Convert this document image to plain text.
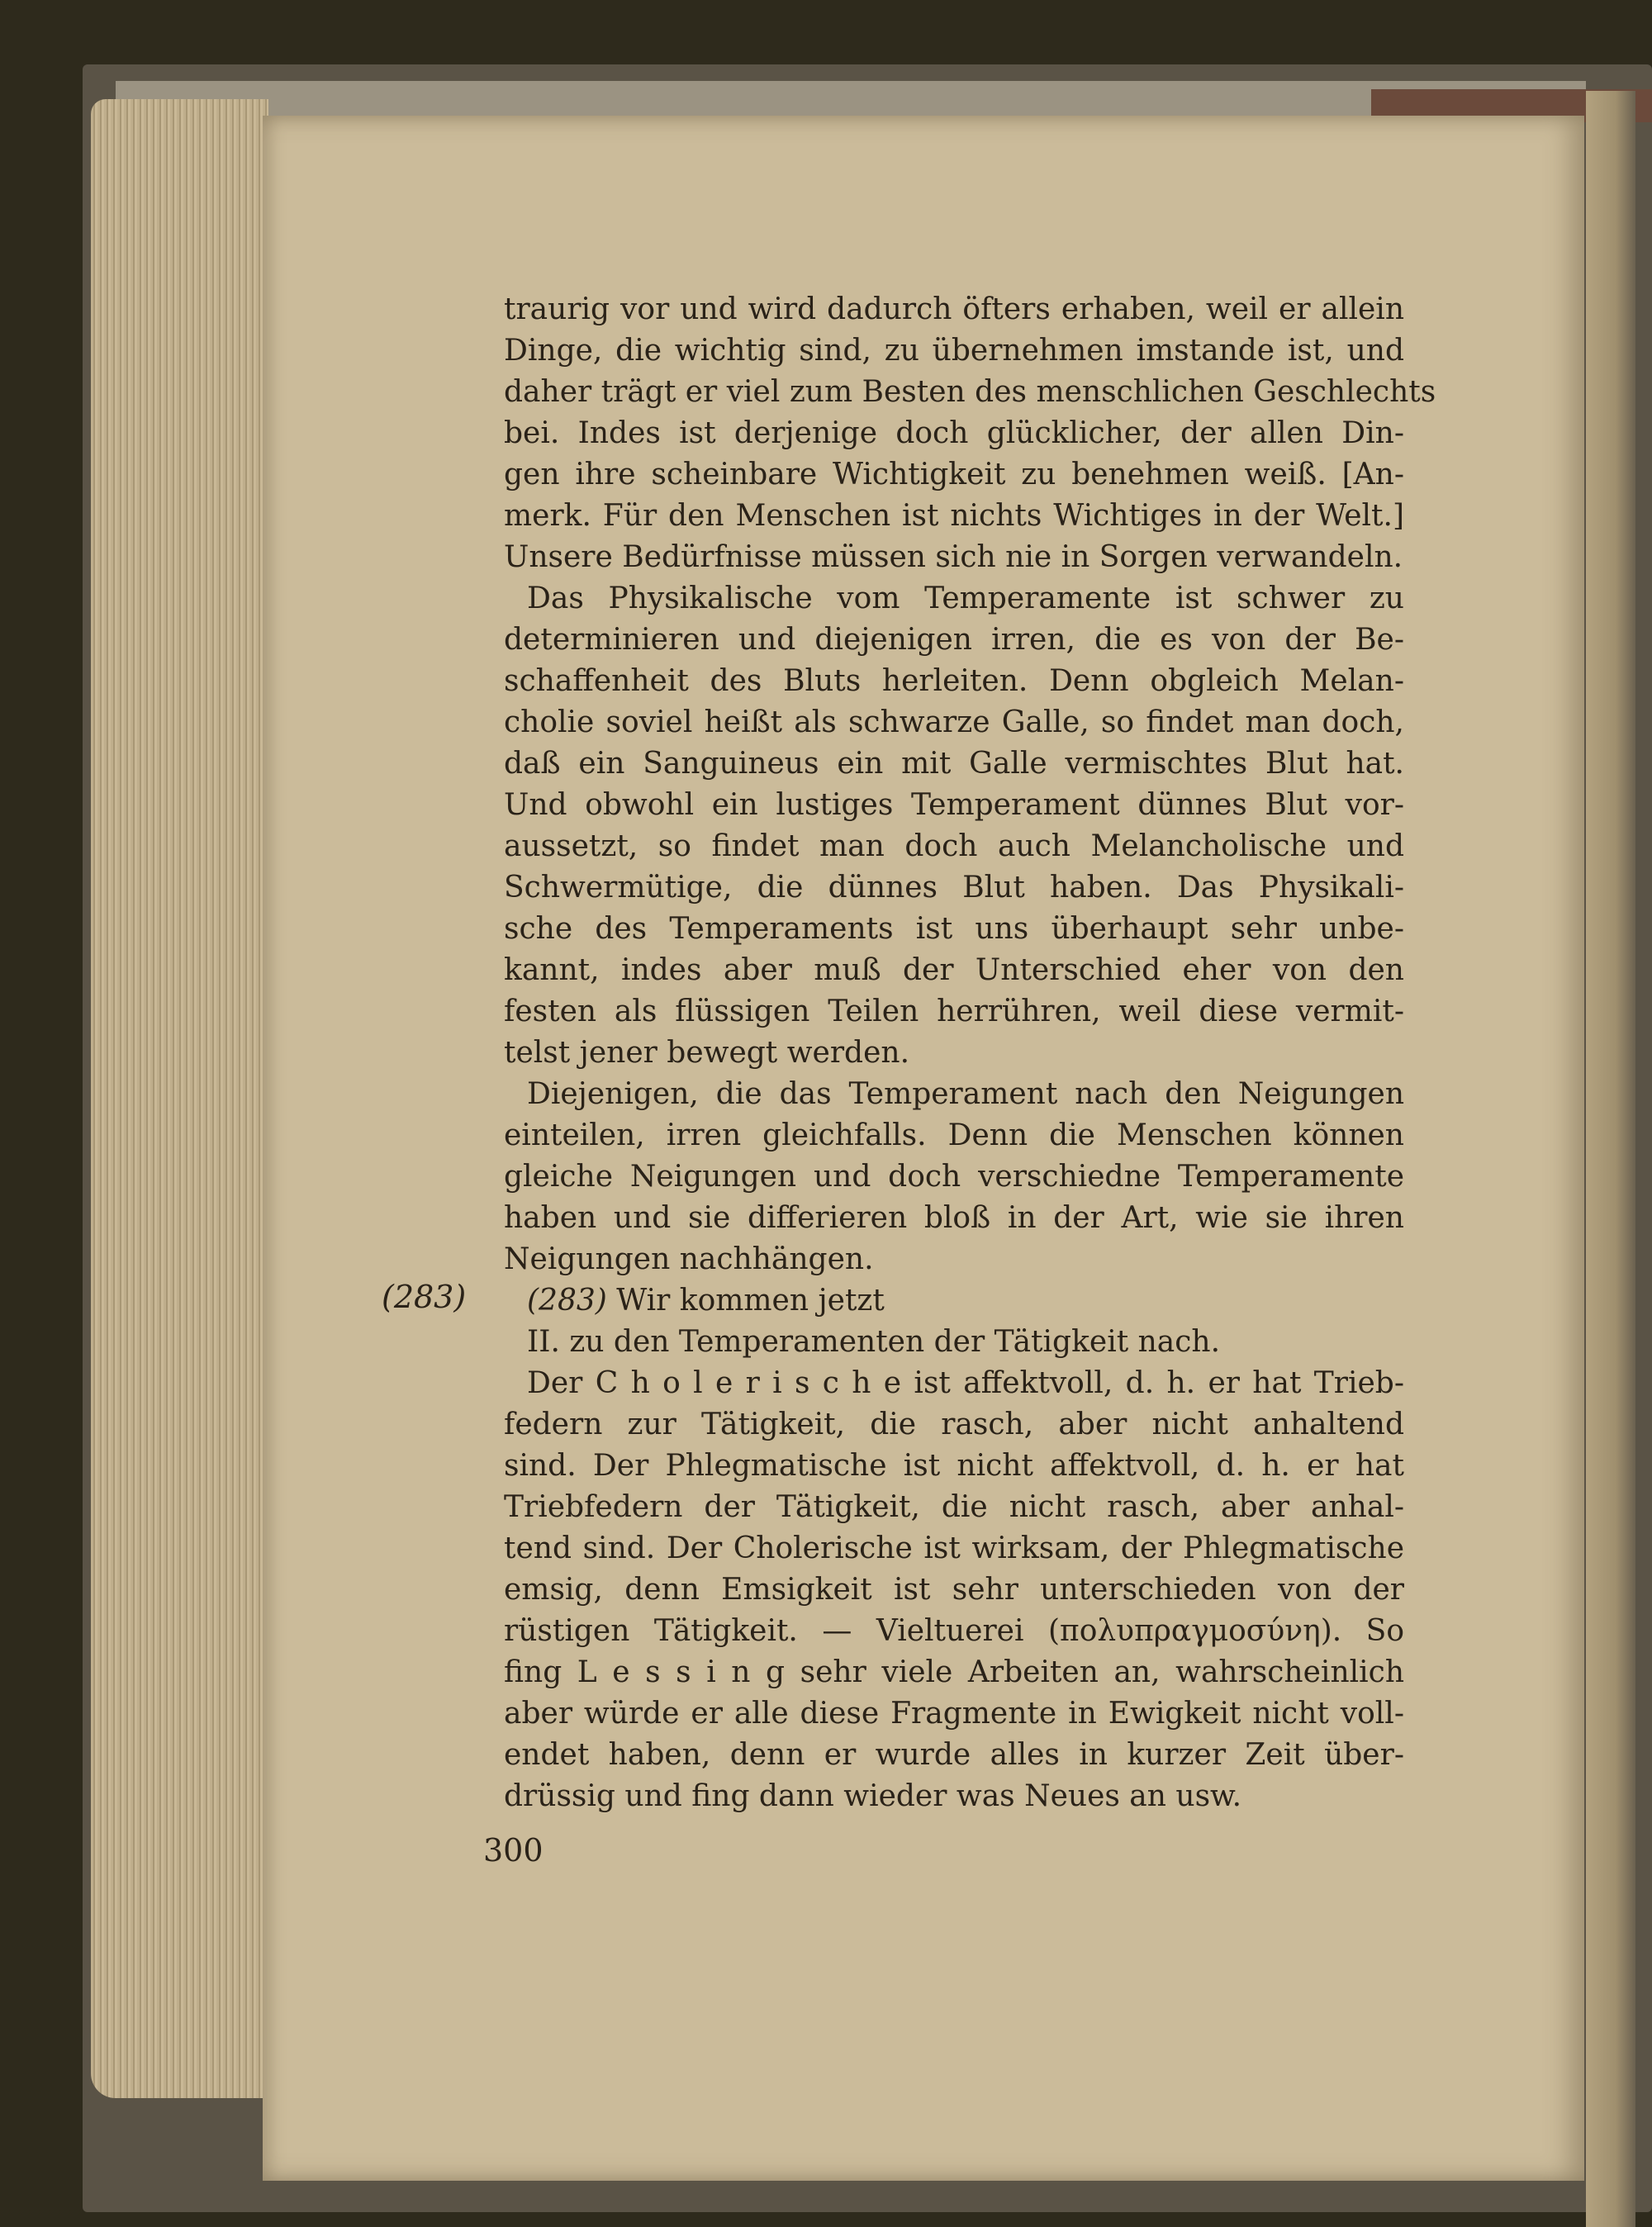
(283)
traurig vor und wird dadurch öfters erhaben, weil er allein
Dinge, die wichtig sind, zu übernehmen imstande ist, und
daher trägt er viel zum Besten des menschlichen Geschlechts
bei. Indes ist derjenige doch glücklicher, der allen Din-
gen ihre scheinbare Wichtigkeit zu benehmen weiß. [An-
merk. Für den Menschen ist nichts Wichtiges in der Welt.]
Unsere Bedürfnisse müssen sich nie in Sorgen verwandeln.
Das Physikalische vom Temperamente ist schwer zu
determinieren und diejenigen irren, die es von der Be-
schaffenheit des Bluts herleiten. Denn obgleich Melan-
cholie soviel heißt als schwarze Galle, so findet man doch,
daß ein Sanguineus ein mit Galle vermischtes Blut hat.
Und obwohl ein lustiges Temperament dünnes Blut vor-
aussetzt, so findet man doch auch Melancholische und
Schwermütige, die dünnes Blut haben. Das Physikali-
sche des Temperaments ist uns überhaupt sehr unbe-
kannt, indes aber muß der Unterschied eher von den
festen als flüssigen Teilen herrühren, weil diese vermit-
telst jener bewegt werden.
Diejenigen, die das Temperament nach den Neigungen
einteilen, irren gleichfalls. Denn die Menschen können
gleiche Neigungen und doch verschiedne Temperamente
haben und sie differieren bloß in der Art, wie sie ihren
Neigungen nachhängen.
(283) Wir kommen jetzt
II. zu den Temperamenten der Tätigkeit nach.
Der C h o l e r i s c h e ist affektvoll, d. h. er hat Trieb-
federn zur Tätigkeit, die rasch, aber nicht anhaltend
sind. Der Phlegmatische ist nicht affektvoll, d. h. er hat
Triebfedern der Tätigkeit, die nicht rasch, aber anhal-
tend sind. Der Cholerische ist wirksam, der Phlegmatische
emsig, denn Emsigkeit ist sehr unterschieden von der
rüstigen Tätigkeit. — Vieltuerei (πολυπραγμοσύνη). So
fing L e s s i n g sehr viele Arbeiten an, wahrscheinlich
aber würde er alle diese Fragmente in Ewigkeit nicht voll-
endet haben, denn er wurde alles in kurzer Zeit über-
drüssig und fing dann wieder was Neues an usw.
300
